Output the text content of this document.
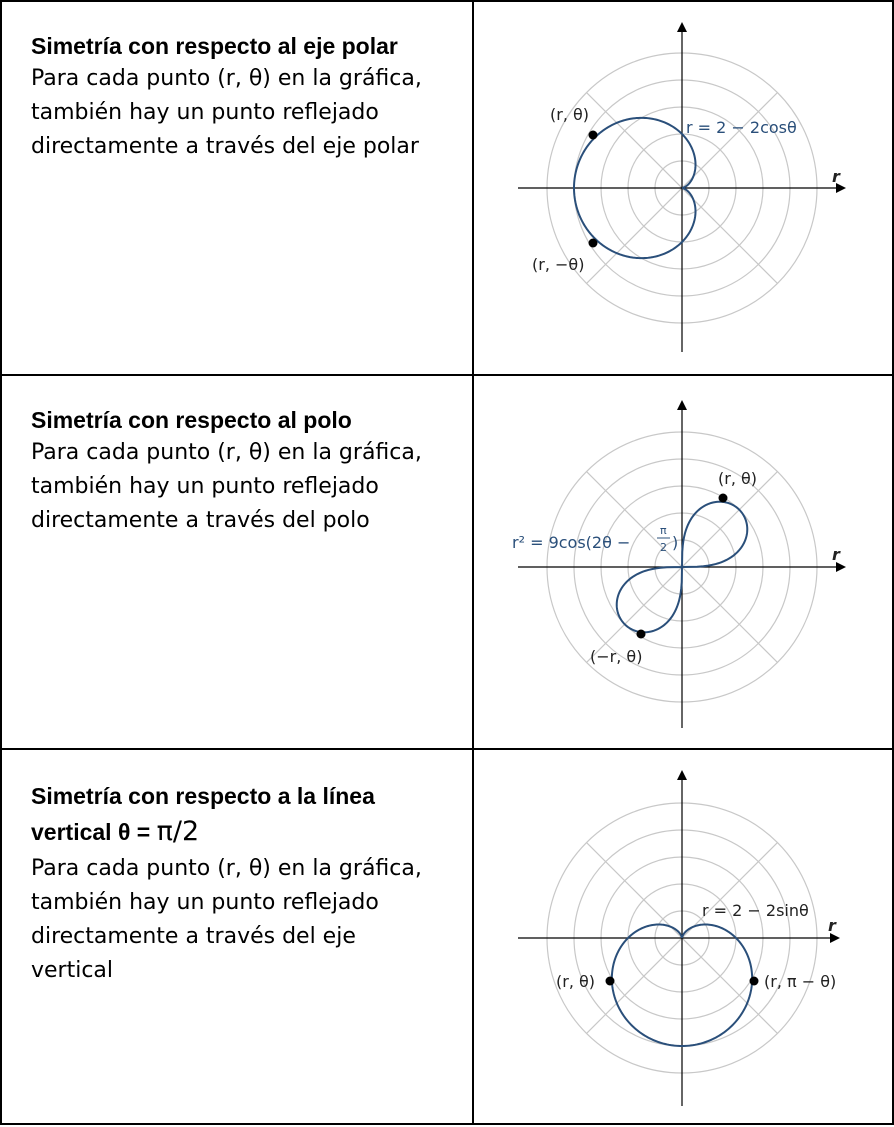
Simetría con respecto al eje polar

Para cada punto (r, θ) en la gráfica,

también hay un punto reflejado

directamente a través del eje polar

r
r = 2 − 2cosθ
(r, θ)
(r, −θ)

Simetría con respecto al polo

Para cada punto (r, θ) en la gráfica,

también hay un punto reflejado

directamente a través del polo

r
(r, θ)
(−r, θ)
r² = 9cos(2θ −
π
2 )

Simetría con respecto a la línea

vertical θ = π/2

Para cada punto (r, θ) en la gráfica,

también hay un punto reflejado

directamente a través del eje

vertical

r
r = 2 − 2sinθ
(r, θ)	(r, π − θ)
